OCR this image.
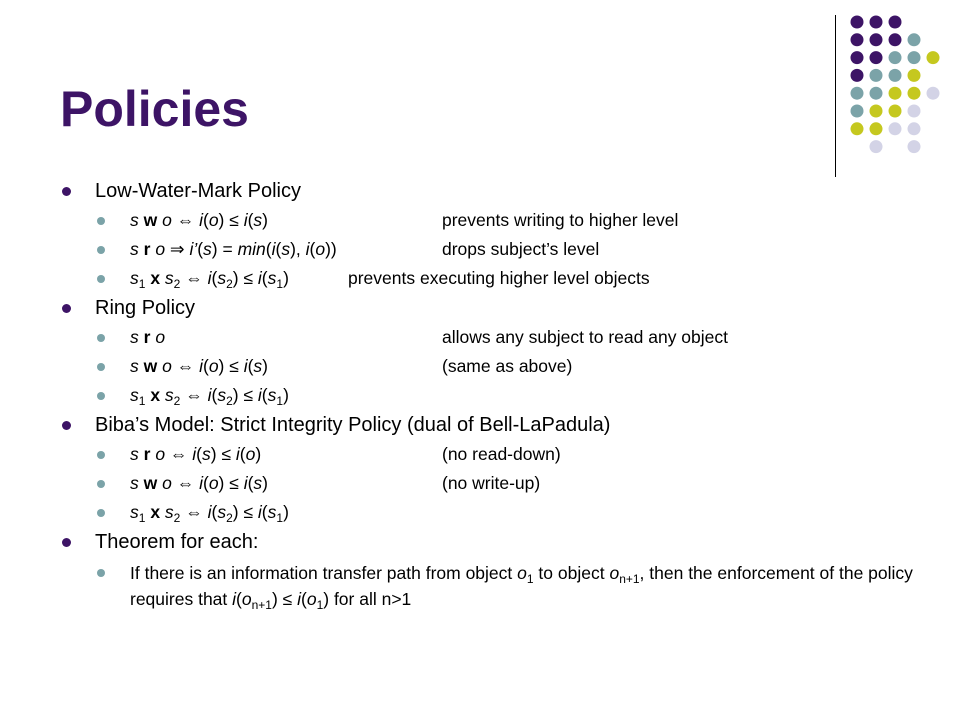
Policies
Low-Water-Mark Policy
s w o ⇔ i(o) ≤ i(s)	prevents writing to higher level
s r o ⇒ i’(s) = min(i(s), i(o))	drops subject’s level
$s_1$ x $s_2$ ⇔ $i(s_2) \le i(s_1)$	prevents executing higher level objects
Ring Policy
s r o	allows any subject to read any object
s w o ⇔ i(o) ≤ i(s)	(same as above)
$s_1$ x $s_2$ ⇔ $i(s_2) \le i(s_1)$
Biba’s Model: Strict Integrity Policy (dual of Bell-LaPadula)
s r o ⇔ i(s) ≤ i(o)	(no read-down)
s w o ⇔ i(o) ≤ i(s)	(no write-up)
$s_1$ x $s_2$ ⇔ $i(s_2) \le i(s_1)$
Theorem for each:
If there is an information transfer path from object $o_1$ to object $o_{n+1}$, then the enforcement of the policy requires that $i(o_{n+1}) \le i(o_1)$ for all n>1
